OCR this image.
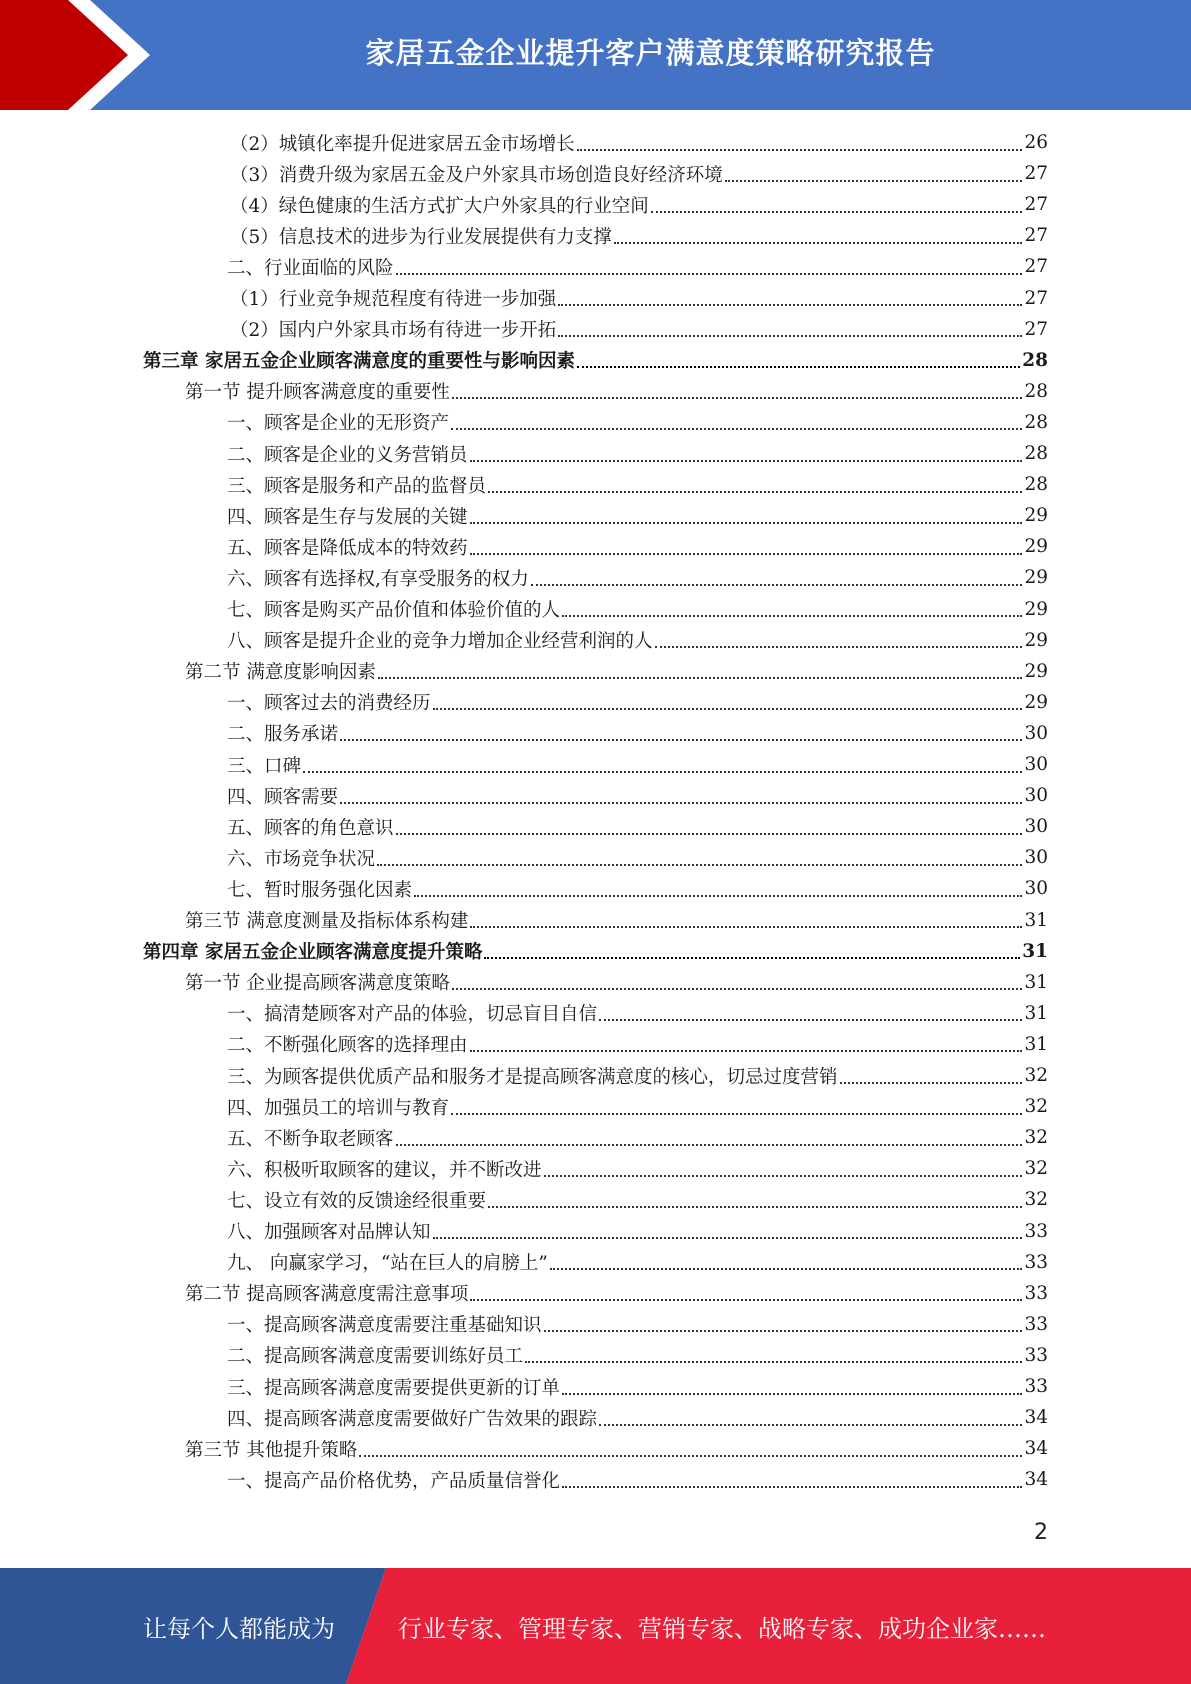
家居五金企业提升客户满意度策略研究报告
（2）城镇化率提升促进家居五金市场增长	26
（3）消费升级为家居五金及户外家具市场创造良好经济环境	27
（4）绿色健康的生活方式扩大户外家具的行业空间	27
（5）信息技术的进步为行业发展提供有力支撑	27
二、行业面临的风险	27
（1）行业竞争规范程度有待进一步加强	27
（2）国内户外家具市场有待进一步开拓	27
第三章 家居五金企业顾客满意度的重要性与影响因素	28
第一节 提升顾客满意度的重要性	28
一、顾客是企业的无形资产	28
二、顾客是企业的义务营销员	28
三、顾客是服务和产品的监督员	28
四、顾客是生存与发展的关键	29
五、顾客是降低成本的特效药	29
六、顾客有选择权,有享受服务的权力	29
七、顾客是购买产品价值和体验价值的人	29
八、顾客是提升企业的竞争力增加企业经营利润的人	29
第二节 满意度影响因素	29
一、顾客过去的消费经历	29
二、服务承诺	30
三、口碑	30
四、顾客需要	30
五、顾客的角色意识	30
六、市场竞争状况	30
七、暂时服务强化因素	30
第三节 满意度测量及指标体系构建	31
第四章 家居五金企业顾客满意度提升策略	31
第一节 企业提高顾客满意度策略	31
一、搞清楚顾客对产品的体验，切忌盲目自信	31
二、不断强化顾客的选择理由	31
三、为顾客提供优质产品和服务才是提高顾客满意度的核心，切忌过度营销	32
四、加强员工的培训与教育	32
五、不断争取老顾客	32
六、积极听取顾客的建议，并不断改进	32
七、设立有效的反馈途经很重要	32
八、加强顾客对品牌认知	33
九、 向赢家学习，“站在巨人的肩膀上”	33
第二节 提高顾客满意度需注意事项	33
一、提高顾客满意度需要注重基础知识	33
二、提高顾客满意度需要训练好员工	33
三、提高顾客满意度需要提供更新的订单	33
四、提高顾客满意度需要做好广告效果的跟踪	34
第三节 其他提升策略	34
一、提高产品价格优势，产品质量信誉化	34
2
让每个人都能成为	行业专家、管理专家、营销专家、战略专家、成功企业家……
